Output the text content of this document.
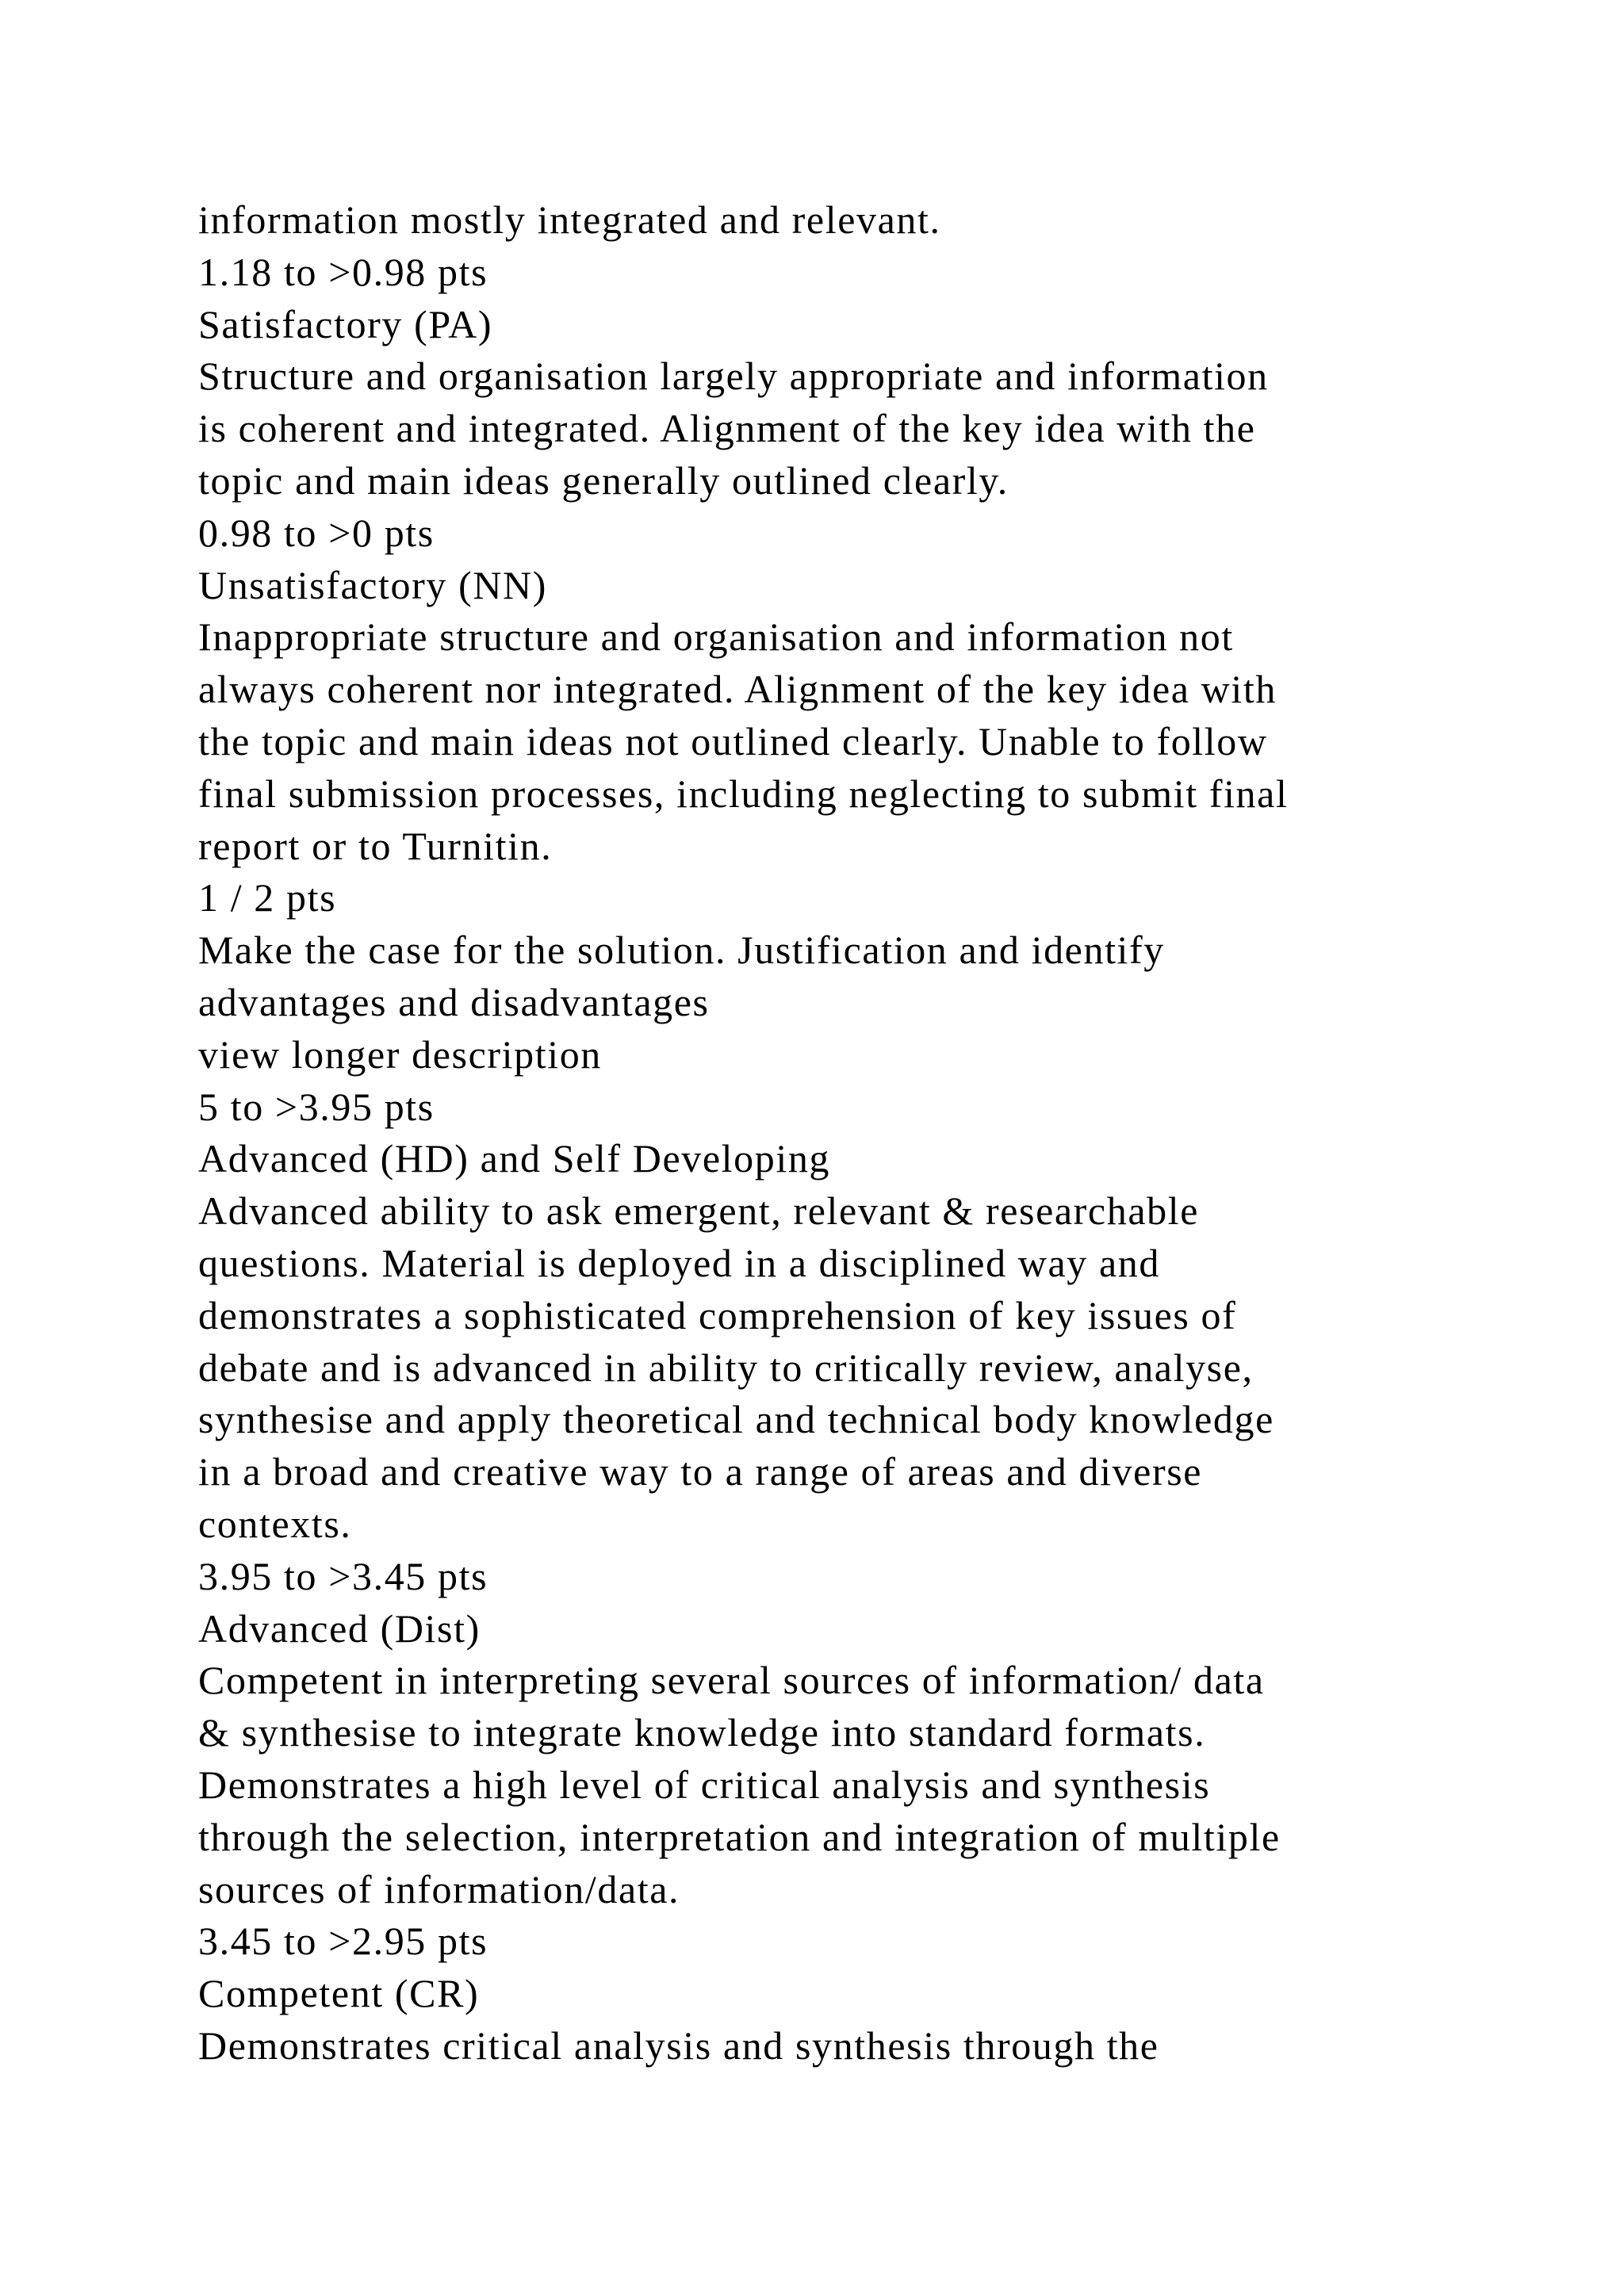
information mostly integrated and relevant.
1.18 to >0.98 pts
Satisfactory (PA)
Structure and organisation largely appropriate and information
is coherent and integrated. Alignment of the key idea with the
topic and main ideas generally outlined clearly.
0.98 to >0 pts
Unsatisfactory (NN)
Inappropriate structure and organisation and information not
always coherent nor integrated. Alignment of the key idea with
the topic and main ideas not outlined clearly. Unable to follow
final submission processes, including neglecting to submit final
report or to Turnitin.
1 / 2 pts
Make the case for the solution. Justification and identify
advantages and disadvantages
view longer description
5 to >3.95 pts
Advanced (HD) and Self Developing
Advanced ability to ask emergent, relevant & researchable
questions. Material is deployed in a disciplined way and
demonstrates a sophisticated comprehension of key issues of
debate and is advanced in ability to critically review, analyse,
synthesise and apply theoretical and technical body knowledge
in a broad and creative way to a range of areas and diverse
contexts.
3.95 to >3.45 pts
Advanced (Dist)
Competent in interpreting several sources of information/ data
& synthesise to integrate knowledge into standard formats.
Demonstrates a high level of critical analysis and synthesis
through the selection, interpretation and integration of multiple
sources of information/data.
3.45 to >2.95 pts
Competent (CR)
Demonstrates critical analysis and synthesis through the
